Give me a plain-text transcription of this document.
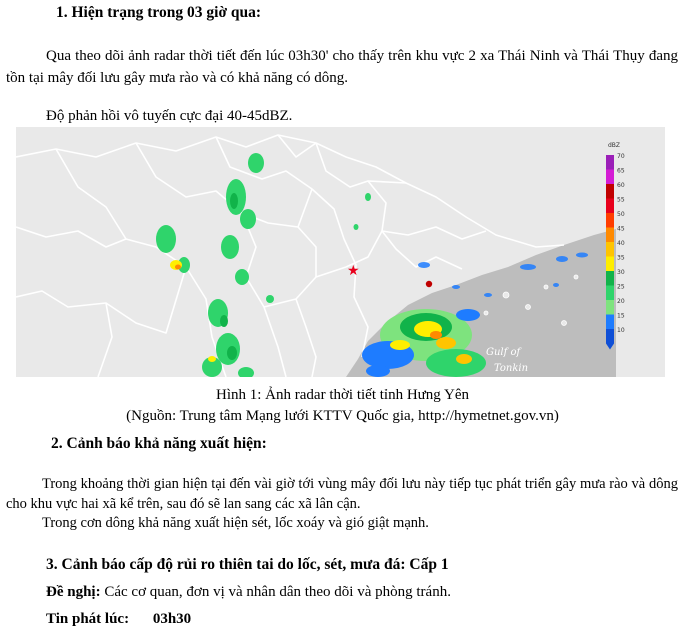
1. Hiện trạng trong 03 giờ qua:
Qua theo dõi ảnh radar thời tiết đến lúc 03h30' cho thấy trên khu vực 2 xa Thái Ninh và Thái Thụy đang tồn tại mây đối lưu gây mưa rào và có khả năng có dông.
Độ phản hồi vô tuyến cực đại 40-45dBZ.
★
Gulf of
Tonkin
dBZ
70
65
60
55
50
45
40
35
30
25
20
15
10
Hình 1: Ảnh radar thời tiết tỉnh Hưng Yên
(Nguồn: Trung tâm Mạng lưới KTTV Quốc gia, http://hymetnet.gov.vn)
2. Cảnh báo khả năng xuất hiện:
Trong khoảng thời gian hiện tại đến vài giờ tới vùng mây đối lưu này tiếp tục phát triển gây mưa rào và dông cho khu vực hai xã kể trên, sau đó sẽ lan sang các xã lân cận.
Trong cơn dông khả năng xuất hiện sét, lốc xoáy và gió giật mạnh.
3. Cảnh báo cấp độ rủi ro thiên tai do lốc, sét, mưa đá: Cấp 1
Đề nghị: Các cơ quan, đơn vị và nhân dân theo dõi và phòng tránh.
Tin phát lúc: 03h30
